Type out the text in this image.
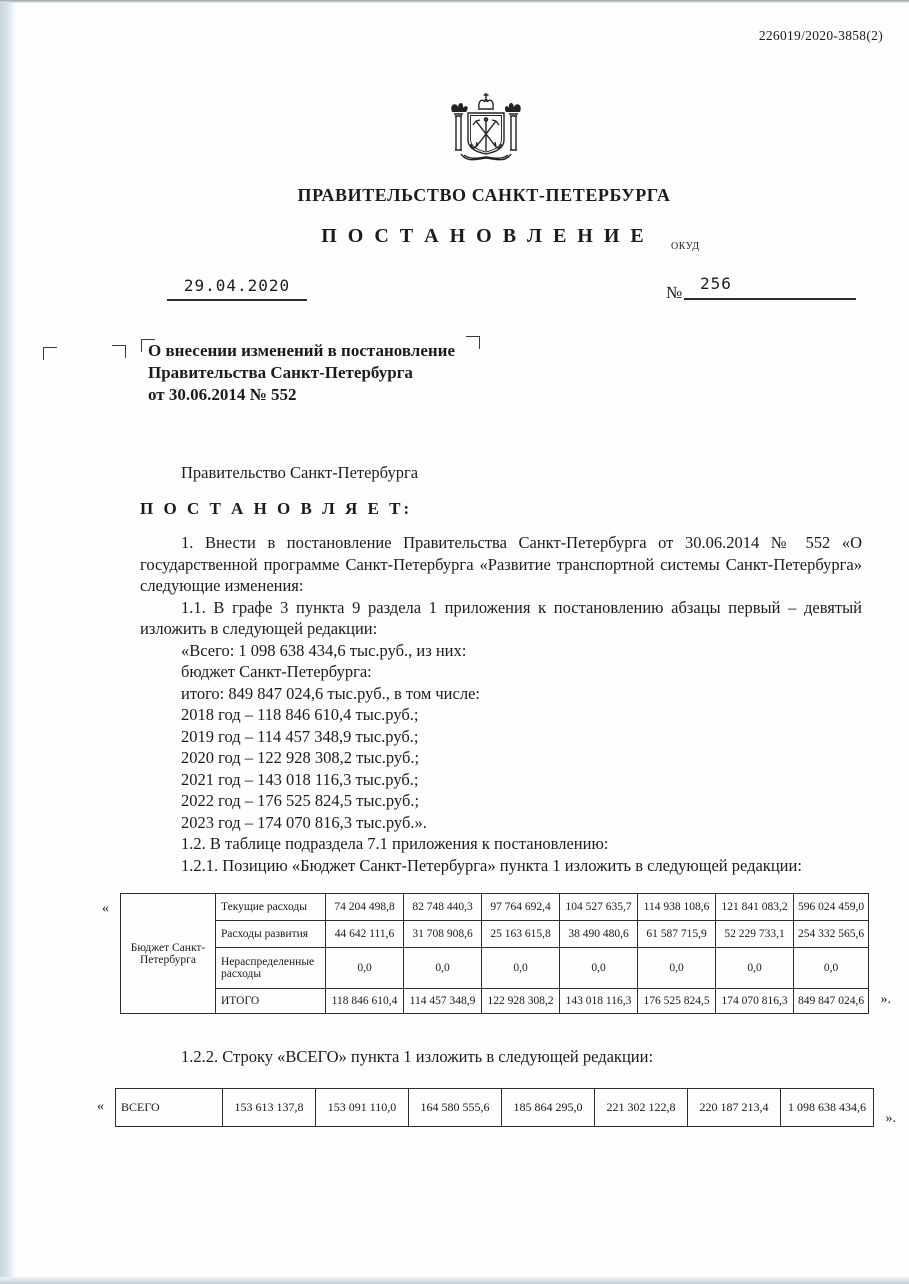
226019/2020-3858(2)
ПРАВИТЕЛЬСТВО САНКТ-ПЕТЕРБУРГА
П О С Т А Н О В Л Е Н И Е	ОКУД
29.04.2020	№	256
О внесении изменений в постановление
Правительства Санкт-Петербурга
от 30.06.2014 № 552
Правительство Санкт-Петербурга
П О С Т А Н О В Л Я Е Т:
1. Внести в постановление Правительства Санкт-Петербурга от 30.06.2014 № 552 «О государственной программе Санкт-Петербурга «Развитие транспортной системы Санкт-Петербурга» следующие изменения:
1.1. В графе 3 пункта 9 раздела 1 приложения к постановлению абзацы первый – девятый изложить в следующей редакции:
«Всего: 1 098 638 434,6 тыс.руб., из них:
бюджет Санкт-Петербурга:
итого: 849 847 024,6 тыс.руб., в том числе:
2018 год – 118 846 610,4 тыс.руб.;
2019 год – 114 457 348,9 тыс.руб.;
2020 год – 122 928 308,2 тыс.руб.;
2021 год – 143 018 116,3 тыс.руб.;
2022 год – 176 525 824,5 тыс.руб.;
2023 год – 174 070 816,3 тыс.руб.».
1.2. В таблице подраздела 7.1 приложения к постановлению:
1.2.1. Позицию «Бюджет Санкт-Петербурга» пункта 1 изложить в следующей редакции:
«
».
Бюджет Санкт-Петербурга	Текущие расходы	74 204 498,8	82 748 440,3	97 764 692,4	104 527 635,7	114 938 108,6	121 841 083,2	596 024 459,0
	Расходы развития	44 642 111,6	31 708 908,6	25 163 615,8	38 490 480,6	61 587 715,9	52 229 733,1	254 332 565,6
	Нераспределенные расходы	0,0	0,0	0,0	0,0	0,0	0,0	0,0
	ИТОГО	118 846 610,4	114 457 348,9	122 928 308,2	143 018 116,3	176 525 824,5	174 070 816,3	849 847 024,6
1.2.2. Строку «ВСЕГО» пункта 1 изложить в следующей редакции:
«
».
ВСЕГО	153 613 137,8	153 091 110,0	164 580 555,6	185 864 295,0	221 302 122,8	220 187 213,4	1 098 638 434,6
